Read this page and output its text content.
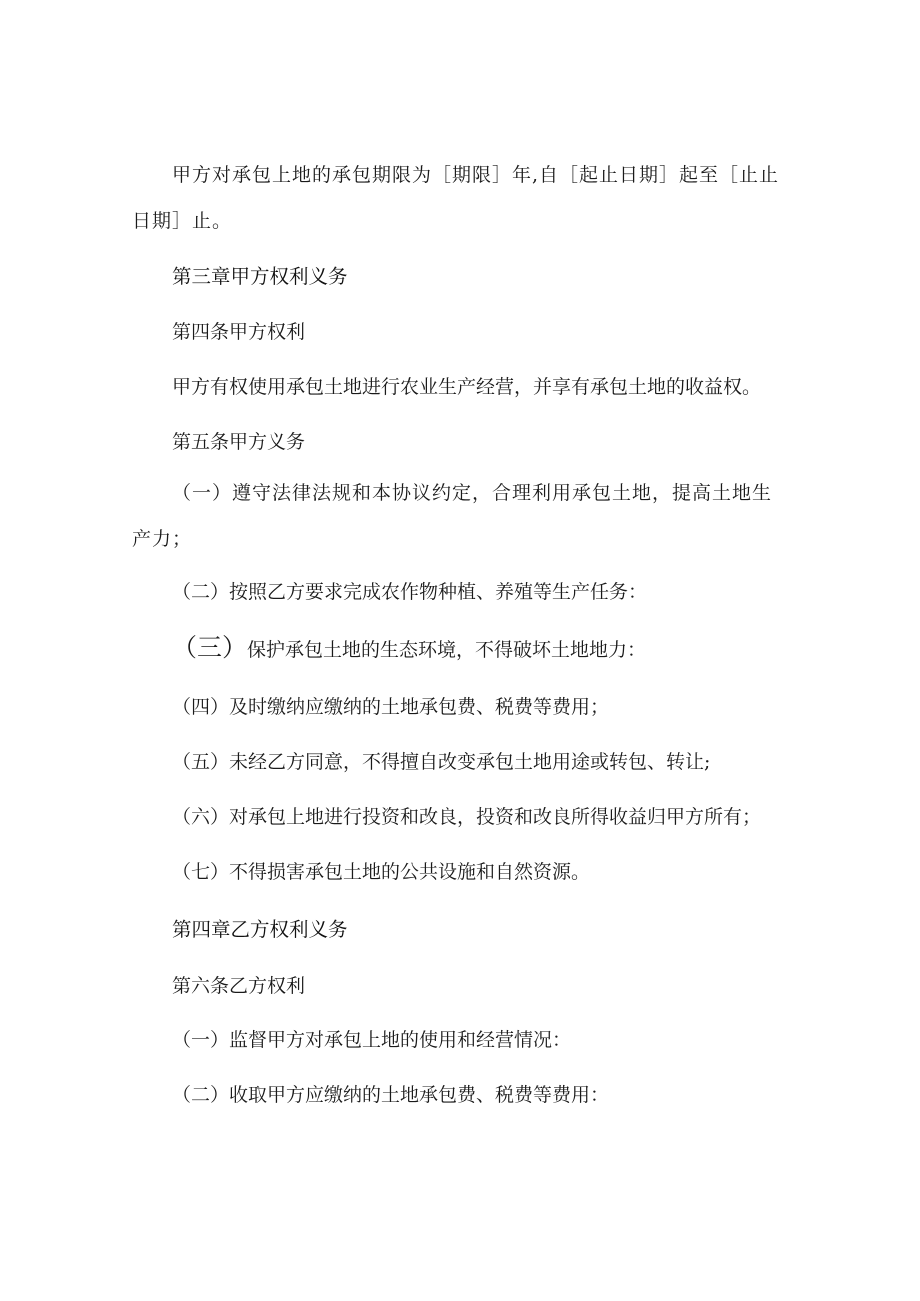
甲方对承包上地的承包期限为［期限］年,自［起止日期］起至［止止日期］止。
第三章甲方权利义务
第四条甲方权利
甲方有权使用承包土地进行农业生产经营，并享有承包土地的收益权。
第五条甲方义务
（一）遵守法律法规和本协议约定，合理利用承包土地，提高土地生产力；
（二）按照乙方要求完成农作物种植、养殖等生产任务：
（三）保护承包土地的生态环境，不得破坏土地地力：
（四）及时缴纳应缴纳的土地承包费、税费等费用；
（五）未经乙方同意，不得擅自改变承包土地用途或转包、转让;
（六）对承包上地进行投资和改良，投资和改良所得收益归甲方所有；
（七）不得损害承包土地的公共设施和自然资源。
第四章乙方权利义务
第六条乙方权利
（一）监督甲方对承包上地的使用和经营情况：
（二）收取甲方应缴纳的土地承包费、税费等费用：
